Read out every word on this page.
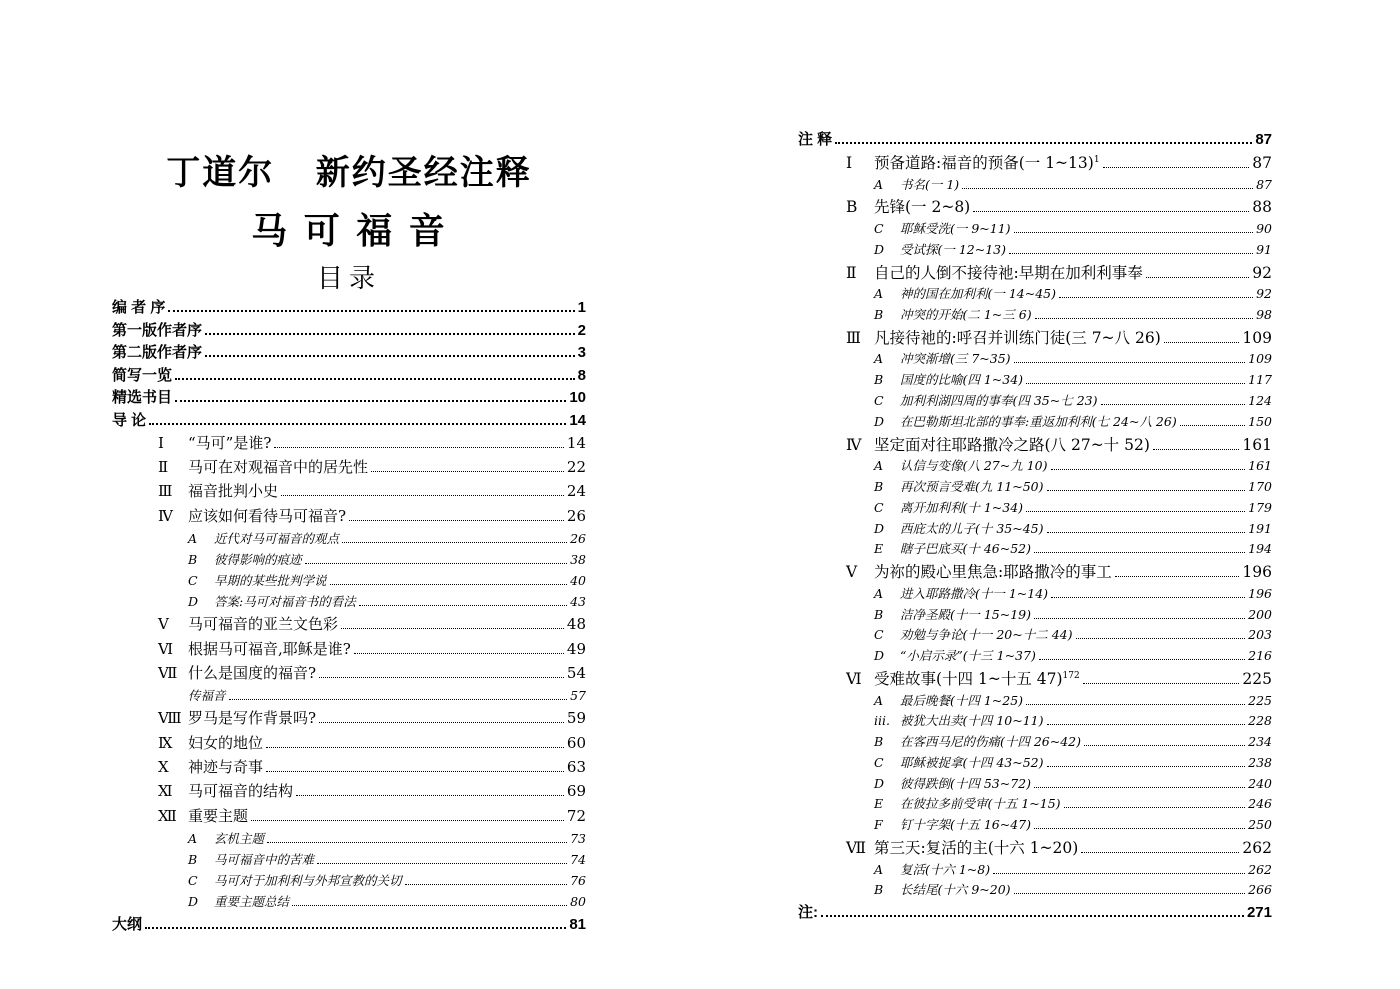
丁道尔   新约圣经注释
马 可 福 音
目录
编 者 序	1
第一版作者序	2
第二版作者序	3
简写一览	8
精选书目	10
导 论	14
Ⅰ “马可”是谁?	14
Ⅱ 马可在对观福音中的居先性	22
Ⅲ 福音批判小史	24
Ⅳ 应该如何看待马可福音?	26
A 近代对马可福音的观点	26
B 彼得影响的痕迹	38
C 早期的某些批判学说	40
D 答案:马可对福音书的看法	43
Ⅴ 马可福音的亚兰文色彩	48
Ⅵ 根据马可福音,耶稣是谁?	49
Ⅶ 什么是国度的福音?	54
传福音	57
Ⅷ 罗马是写作背景吗?	59
Ⅸ 妇女的地位	60
Ⅹ 神迹与奇事	63
Ⅺ 马可福音的结构	69
Ⅻ 重要主题	72
A 玄机主题	73
B 马可福音中的苦难	74
C 马可对于加利利与外邦宣教的关切	76
D 重要主题总结	80
大纲	81
注 释	87
Ⅰ 预备道路:福音的预备(一 1~13)$^1$	87
A 书名(一 1)	87
B 先锋(一 2~8)	88
C 耶稣受洗(一 9~11)	90
D 受试探(一 12~13)	91
Ⅱ 自己的人倒不接待祂:早期在加利利事奉	92
A 神的国在加利利(一 14~45)	92
B 冲突的开始(二 1~三 6)	98
Ⅲ 凡接待祂的:呼召并训练门徒(三 7~八 26)	109
A 冲突渐增(三 7~35)	109
B 国度的比喻(四 1~34)	117
C 加利利湖四周的事奉(四 35~七 23)	124
D 在巴勒斯坦北部的事奉:重返加利利(七 24~八 26)	150
Ⅳ 坚定面对往耶路撒冷之路(八 27~十 52)	161
A 认信与变像(八 27~九 10)	161
B 再次预言受难(九 11~50)	170
C 离开加利利(十 1~34)	179
D 西庇太的儿子(十 35~45)	191
E 瞎子巴底买(十 46~52)	194
Ⅴ 为祢的殿心里焦急:耶路撒冷的事工	196
A 进入耶路撒冷(十一 1~14)	196
B 洁净圣殿(十一 15~19)	200
C 劝勉与争论(十一 20~十二 44)	203
D “小启示录”(十三 1~37)	216
Ⅵ 受难故事(十四 1~十五 47)$^{172}$	225
A 最后晚餐(十四 1~25)	225
iii. 被犹大出卖(十四 10~11)	228
B 在客西马尼的伤痛(十四 26~42)	234
C 耶稣被捉拿(十四 43~52)	238
D 彼得跌倒(十四 53~72)	240
E 在彼拉多前受审(十五 1~15)	246
F 钉十字架(十五 16~47)	250
Ⅶ 第三天:复活的主(十六 1~20)	262
A 复活(十六 1~8)	262
B 长结尾(十六 9~20)	266
注:	271
